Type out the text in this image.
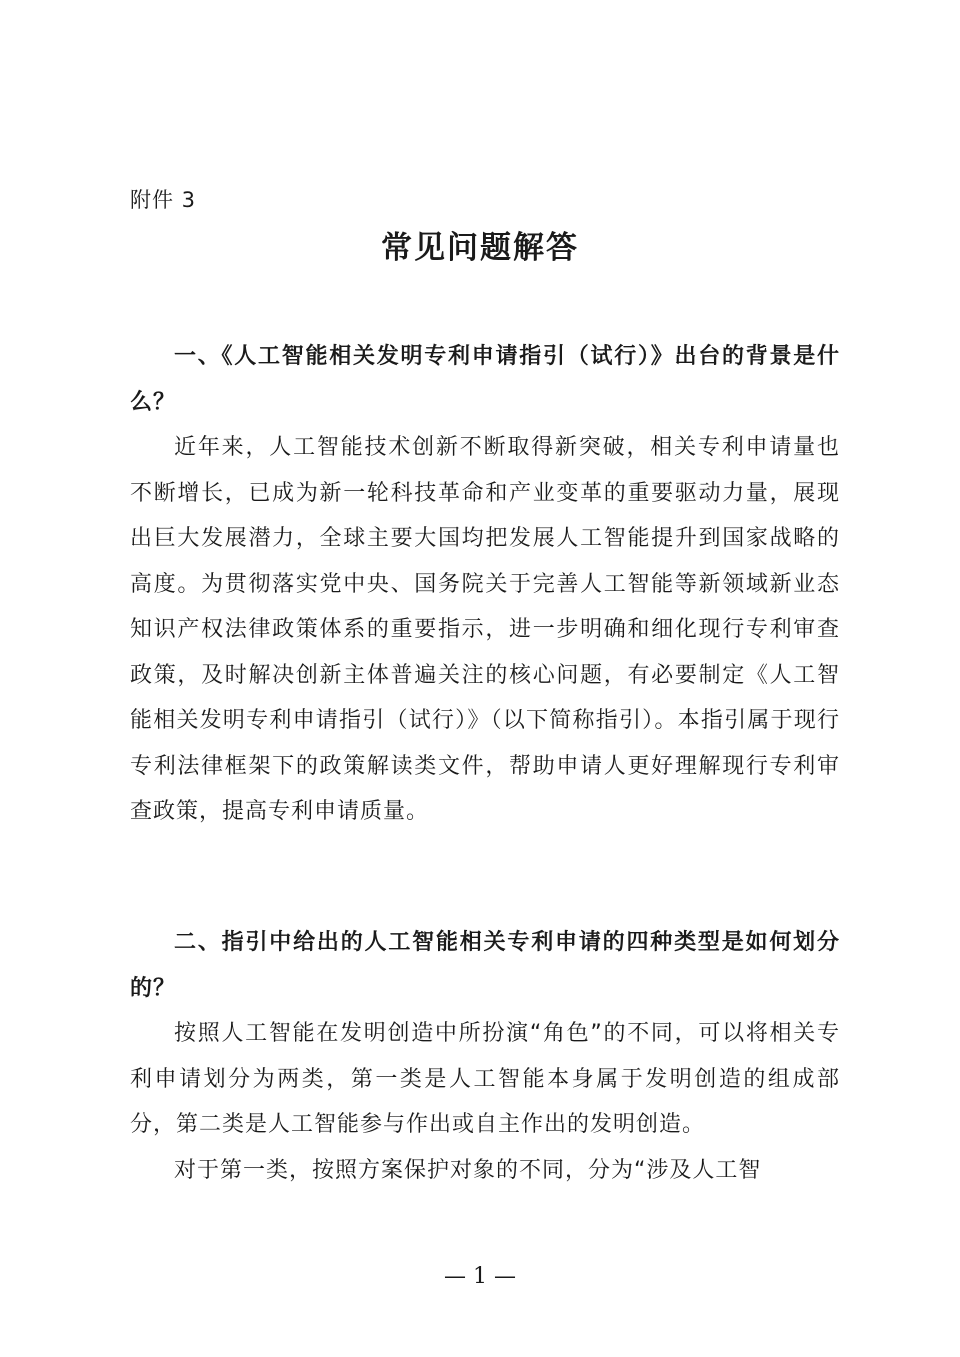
附件 3
常见问题解答

一、《人工智能相关发明专利申请指引（试行）》出台的背景是什么？

近年来，人工智能技术创新不断取得新突破，相关专利申请量也不断增长，已成为新一轮科技革命和产业变革的重要驱动力量，展现出巨大发展潜力，全球主要大国均把发展人工智能提升到国家战略的高度。为贯彻落实党中央、国务院关于完善人工智能等新领域新业态知识产权法律政策体系的重要指示，进一步明确和细化现行专利审查政策，及时解决创新主体普遍关注的核心问题，有必要制定《人工智能相关发明专利申请指引（试行）》（以下简称指引）。本指引属于现行专利法律框架下的政策解读类文件，帮助申请人更好理解现行专利审查政策，提高专利申请质量。

二、指引中给出的人工智能相关专利申请的四种类型是如何划分的？

按照人工智能在发明创造中所扮演“角色”的不同，可以将相关专利申请划分为两类，第一类是人工智能本身属于发明创造的组成部分，第二类是人工智能参与作出或自主作出的发明创造。

对于第一类，按照方案保护对象的不同，分为“涉及人工智

— 1 —
